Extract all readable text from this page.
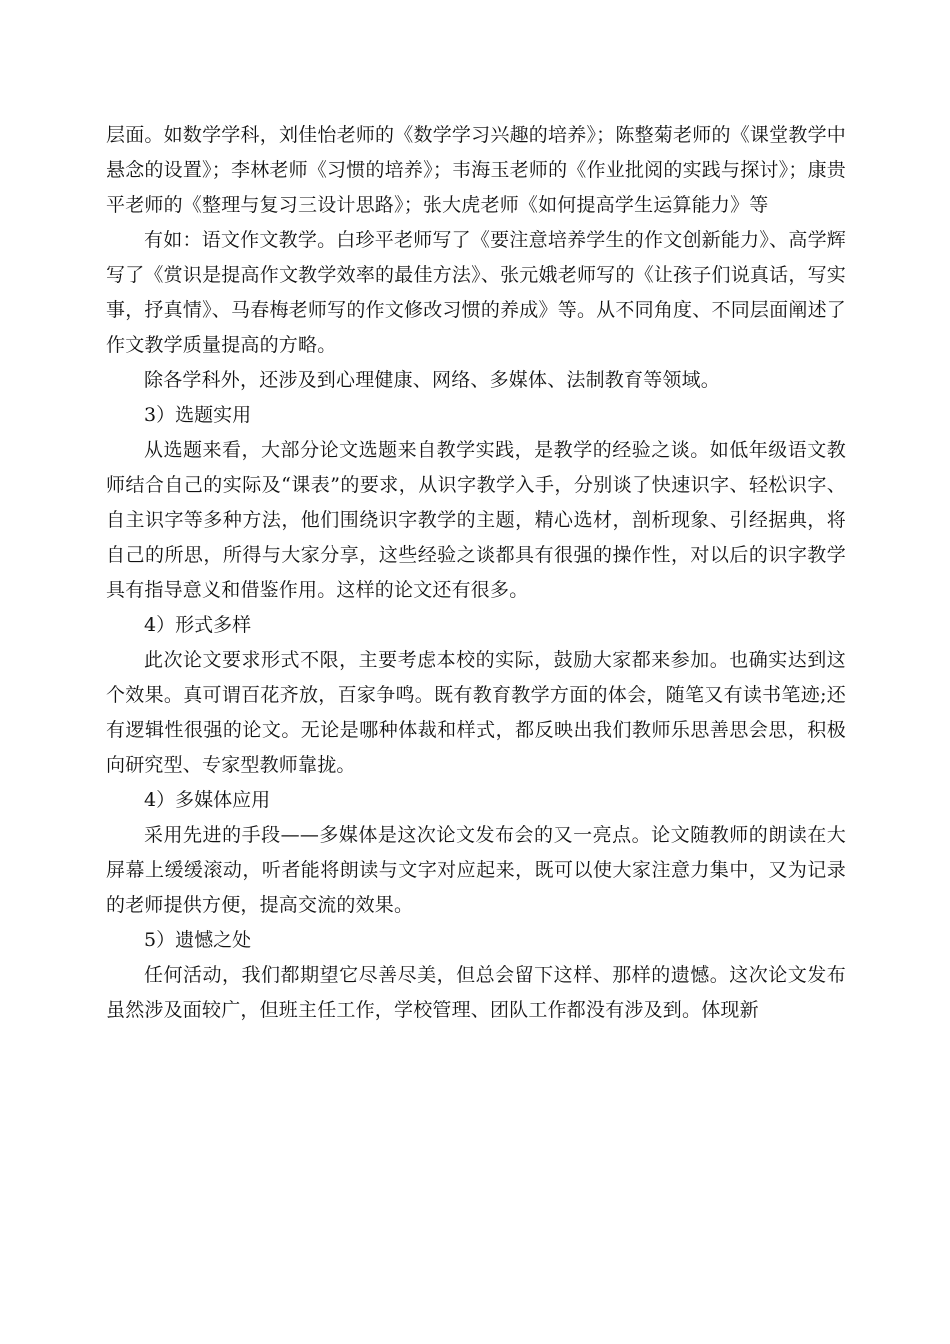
层面。如数学学科，刘佳怡老师的《数学学习兴趣的培养》；陈整菊老师的《课堂教学中悬念的设置》；李林老师《习惯的培养》；韦海玉老师的《作业批阅的实践与探讨》；康贵平老师的《整理与复习三设计思路》；张大虎老师《如何提高学生运算能力》等

有如：语文作文教学。白珍平老师写了《要注意培养学生的作文创新能力》、高学辉写了《赏识是提高作文教学效率的最佳方法》、张元娥老师写的《让孩子们说真话，写实事，抒真情》、马春梅老师写的作文修改习惯的养成》等。从不同角度、不同层面阐述了作文教学质量提高的方略。

除各学科外，还涉及到心理健康、网络、多媒体、法制教育等领域。

3）选题实用

从选题来看，大部分论文选题来自教学实践，是教学的经验之谈。如低年级语文教师结合自己的实际及“课表”的要求，从识字教学入手，分别谈了快速识字、轻松识字、自主识字等多种方法，他们围绕识字教学的主题，精心选材，剖析现象、引经据典，将自己的所思，所得与大家分享，这些经验之谈都具有很强的操作性，对以后的识字教学具有指导意义和借鉴作用。这样的论文还有很多。

4）形式多样

此次论文要求形式不限，主要考虑本校的实际，鼓励大家都来参加。也确实达到这个效果。真可谓百花齐放，百家争鸣。既有教育教学方面的体会，随笔又有读书笔迹;还有逻辑性很强的论文。无论是哪种体裁和样式，都反映出我们教师乐思善思会思，积极向研究型、专家型教师靠拢。

4）多媒体应用

采用先进的手段——多媒体是这次论文发布会的又一亮点。论文随教师的朗读在大屏幕上缓缓滚动，听者能将朗读与文字对应起来，既可以使大家注意力集中，又为记录的老师提供方便，提高交流的效果。

5）遗憾之处

任何活动，我们都期望它尽善尽美，但总会留下这样、那样的遗憾。这次论文发布虽然涉及面较广，但班主任工作，学校管理、团队工作都没有涉及到。体现新
